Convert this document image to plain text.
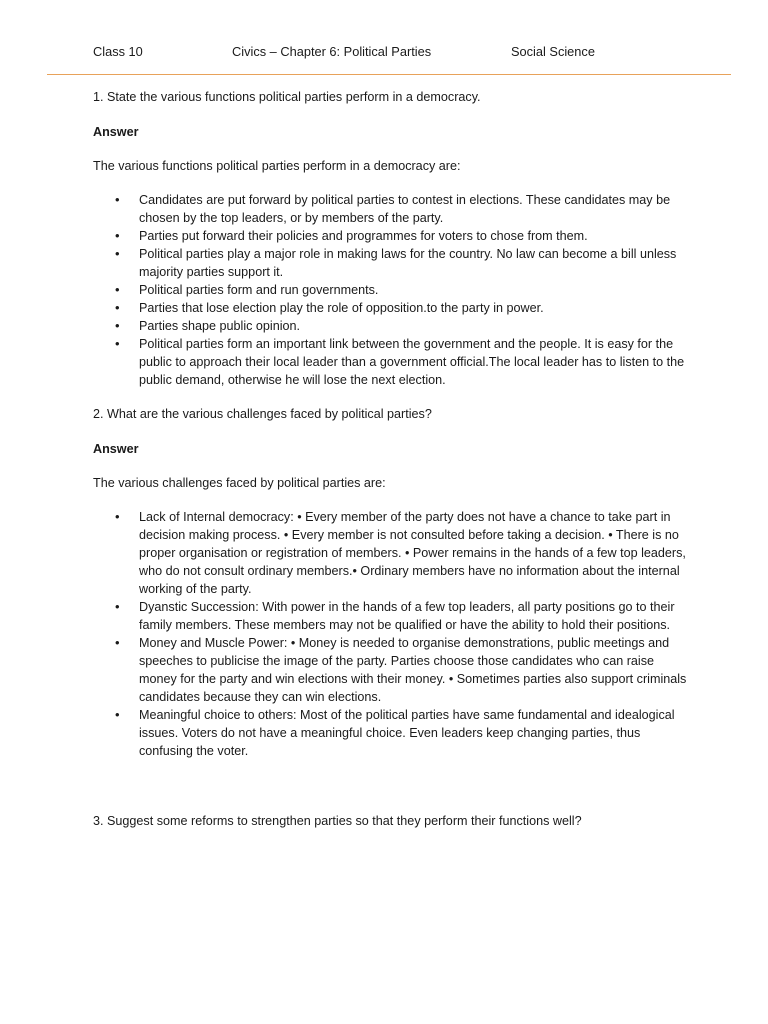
Class 10	Civics – Chapter 6: Political Parties	Social Science

1. State the various functions political parties perform in a democracy.

Answer

The various functions political parties perform in a democracy are:

• Candidates are put forward by political parties to contest in elections. These candidates may be chosen by the top leaders, or by members of the party.
• Parties put forward their policies and programmes for voters to chose from them.
• Political parties play a major role in making laws for the country. No law can become a bill unless majority parties support it.
• Political parties form and run governments.
• Parties that lose election play the role of opposition.to the party in power.
• Parties shape public opinion.
• Political parties form an important link between the government and the people. It is easy for the public to approach their local leader than a government official.The local leader has to listen to the public demand, otherwise he will lose the next election.

2. What are the various challenges faced by political parties?

Answer

The various challenges faced by political parties are:

• Lack of Internal democracy: • Every member of the party does not have a chance to take part in decision making process. • Every member is not consulted before taking a decision. • There is no proper organisation or registration of members. • Power remains in the hands of a few top leaders, who do not consult ordinary members.• Ordinary members have no information about the internal working of the party.
• Dyanstic Succession: With power in the hands of a few top leaders, all party positions go to their family members. These members may not be qualified or have the ability to hold their positions.
• Money and Muscle Power: • Money is needed to organise demonstrations, public meetings and speeches to publicise the image of the party. Parties choose those candidates who can raise money for the party and win elections with their money. • Sometimes parties also support criminals candidates because they can win elections.
• Meaningful choice to others: Most of the political parties have same fundamental and idealogical issues. Voters do not have a meaningful choice. Even leaders keep changing parties, thus confusing the voter.

3. Suggest some reforms to strengthen parties so that they perform their functions well?
